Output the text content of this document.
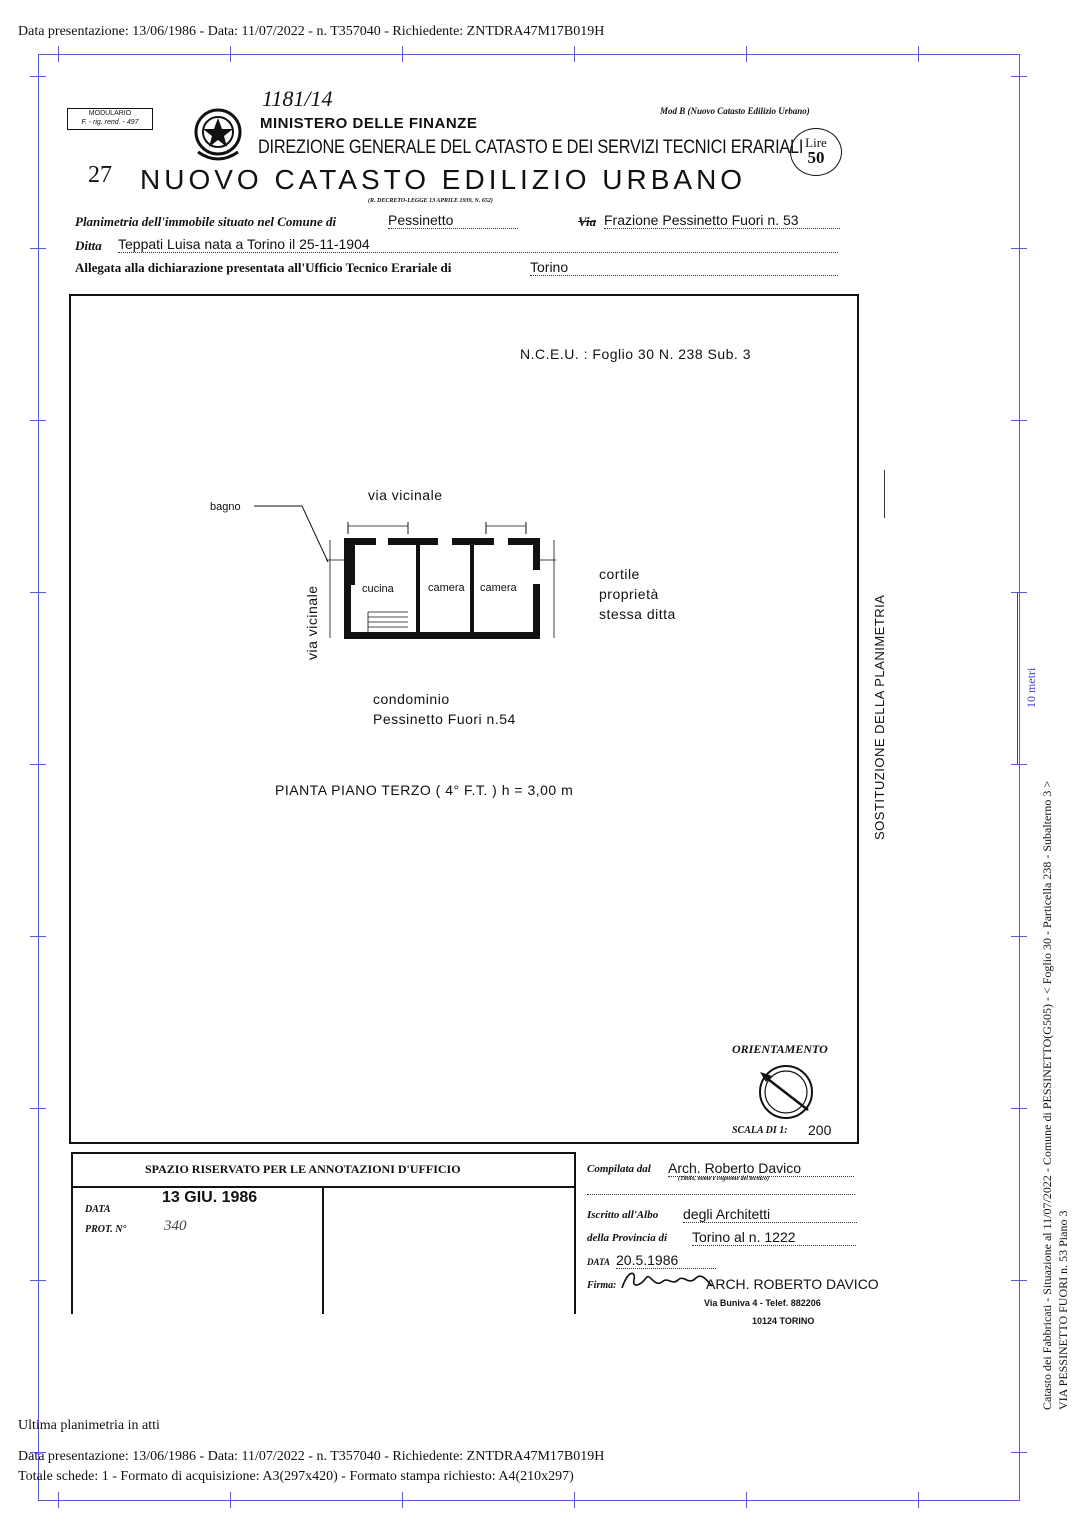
Data presentazione: 13/06/1986 - Data: 11/07/2022 - n. T357040 - Richiedente: ZNTDRA47M17B019H
MODULARIO
F. - rig. rend. - 497
1181/14
MINISTERO DELLE FINANZE
DIREZIONE GENERALE DEL CATASTO E DEI SERVIZI TECNICI ERARIALI
Mod B (Nuovo Catasto Edilizio Urbano)
Lire
50
27 NUOVO CATASTO EDILIZIO URBANO
(R. DECRETO-LEGGE 13 APRILE 1939, N. 652)
Planimetria dell'immobile situato nel Comune di	Pessinetto	Via Frazione Pessinetto Fuori n. 53
Ditta Teppati Luisa nata a Torino il 25-11-1904
Allegata alla dichiarazione presentata all'Ufficio Tecnico Erariale di	Torino
N.C.E.U. : Foglio 30 N. 238 Sub. 3
via vicinale
bagno
via vicinale	cucina	camera camera
cortile
proprietà
stessa ditta
condominio
Pessinetto Fuori n.54
PIANTA PIANO TERZO ( 4° F.T. ) h = 3,00 m	SOSTITUZIONE DELLA PLANIMETRIA
ORIENTAMENTO
SCALA DI 1: 200
SPAZIO RISERVATO PER LE ANNOTAZIONI D'UFFICIO
DATA
13 GIU. 1986
PROT. N°	340
Compilata dal Arch. Roberto Davico
(Titolo, nome e cognome del tecnico)
Iscritto all'Albo degli Architetti
della Provincia di Torino al n. 1222
DATA 20.5.1986
Firma:	ARCH. ROBERTO DAVICO
Via Buniva 4 - Telef. 882206
10124 TORINO
10 metri
Catasto dei Fabbricati - Situazione al 11/07/2022 - Comune di PESSINETTO(G505) - < Foglio 30 - Particella 238 - Subalterno 3 > VIA PESSINETTO FUORI n. 53 Piano 3
Ultima planimetria in atti
Data presentazione: 13/06/1986 - Data: 11/07/2022 - n. T357040 - Richiedente: ZNTDRA47M17B019H
Totale schede: 1 - Formato di acquisizione: A3(297x420) - Formato stampa richiesto: A4(210x297)
